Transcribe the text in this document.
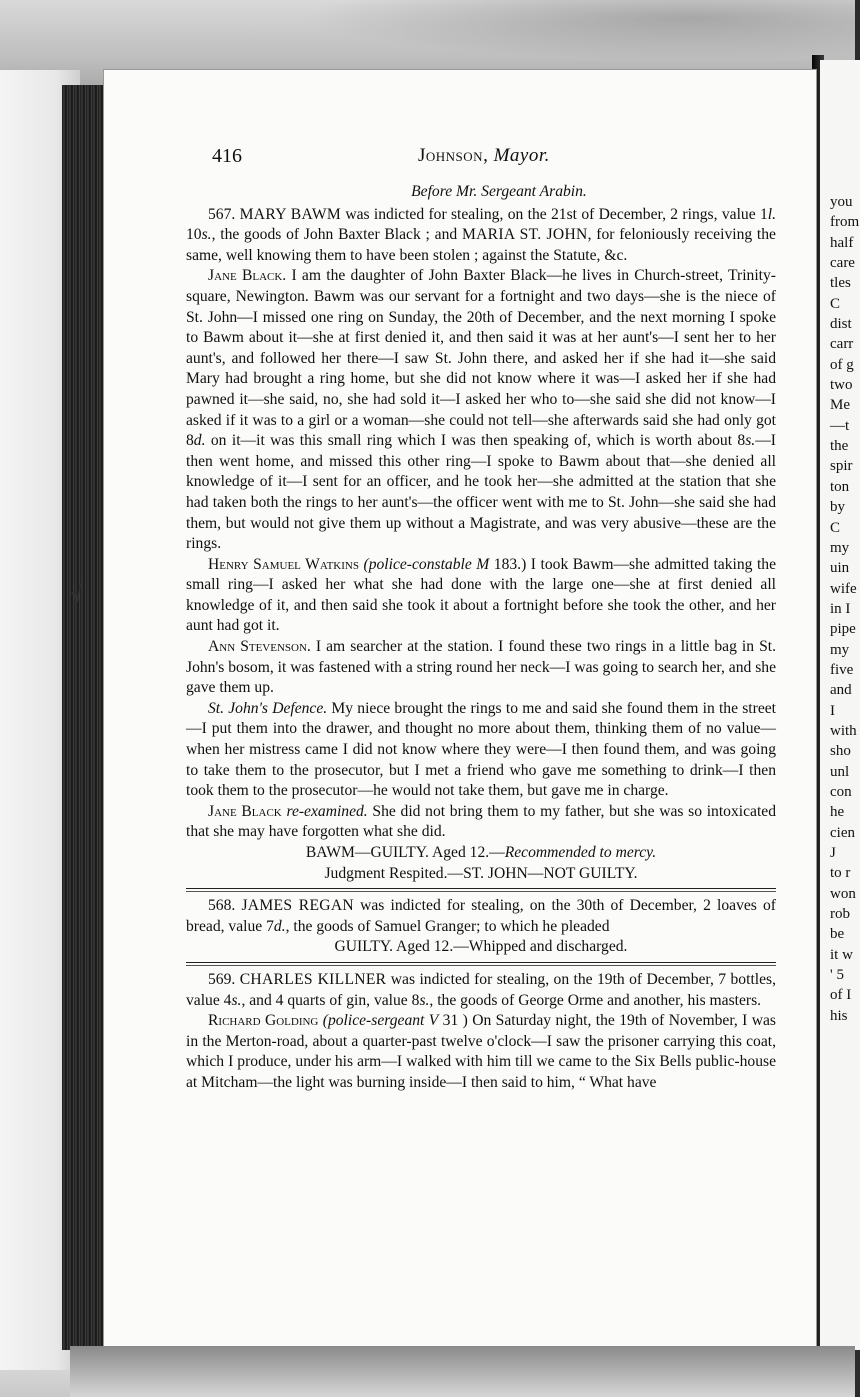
√
you
from
half
care
tles
C
dist
carr
of g
two
Me
—t
the
spir
ton
by
C
my
uin
wife
in I
pipe
my
five
and
I
with
sho
unl
con
he
cien
J
to r
won
rob
be
it w
' 5
of I
his
416	Johnson, Mayor.
Before Mr. Sergeant Arabin.

567. MARY BAWM was indicted for stealing, on the 21st of December, 2 rings, value 1l. 10s., the goods of John Baxter Black ; and MARIA ST. JOHN, for feloniously receiving the same, well knowing them to have been stolen ; against the Statute, &c.

Jane Black. I am the daughter of John Baxter Black—he lives in Church-street, Trinity-square, Newington. Bawm was our servant for a fortnight and two days—she is the niece of St. John—I missed one ring on Sunday, the 20th of December, and the next morning I spoke to Bawm about it—she at first denied it, and then said it was at her aunt's—I sent her to her aunt's, and followed her there—I saw St. John there, and asked her if she had it—she said Mary had brought a ring home, but she did not know where it was—I asked her if she had pawned it—she said, no, she had sold it—I asked her who to—she said she did not know—I asked if it was to a girl or a woman—she could not tell—she afterwards said she had only got 8d. on it—it was this small ring which I was then speaking of, which is worth about 8s.—I then went home, and missed this other ring—I spoke to Bawm about that—she denied all knowledge of it—I sent for an officer, and he took her—she admitted at the station that she had taken both the rings to her aunt's—the officer went with me to St. John—she said she had them, but would not give them up without a Magistrate, and was very abusive—these are the rings.

Henry Samuel Watkins (police-constable M 183.) I took Bawm—she admitted taking the small ring—I asked her what she had done with the large one—she at first denied all knowledge of it, and then said she took it about a fortnight before she took the other, and her aunt had got it.

Ann Stevenson. I am searcher at the station. I found these two rings in a little bag in St. John's bosom, it was fastened with a string round her neck—I was going to search her, and she gave them up.

St. John's Defence. My niece brought the rings to me and said she found them in the street—I put them into the drawer, and thought no more about them, thinking them of no value—when her mistress came I did not know where they were—I then found them, and was going to take them to the prosecutor, but I met a friend who gave me something to drink—I then took them to the prosecutor—he would not take them, but gave me in charge.

Jane Black re-examined. She did not bring them to my father, but she was so intoxicated that she may have forgotten what she did.

BAWM—GUILTY. Aged 12.—Recommended to mercy.

Judgment Respited.—ST. JOHN—NOT GUILTY.

568. JAMES REGAN was indicted for stealing, on the 30th of December, 2 loaves of bread, value 7d., the goods of Samuel Granger; to which he pleaded

GUILTY. Aged 12.—Whipped and discharged.

569. CHARLES KILLNER was indicted for stealing, on the 19th of December, 7 bottles, value 4s., and 4 quarts of gin, value 8s., the goods of George Orme and another, his masters.

Richard Golding (police-sergeant V 31 ) On Saturday night, the 19th of November, I was in the Merton-road, about a quarter-past twelve o'clock—I saw the prisoner carrying this coat, which I produce, under his arm—I walked with him till we came to the Six Bells public-house at Mitcham—the light was burning inside—I then said to him, “ What have
